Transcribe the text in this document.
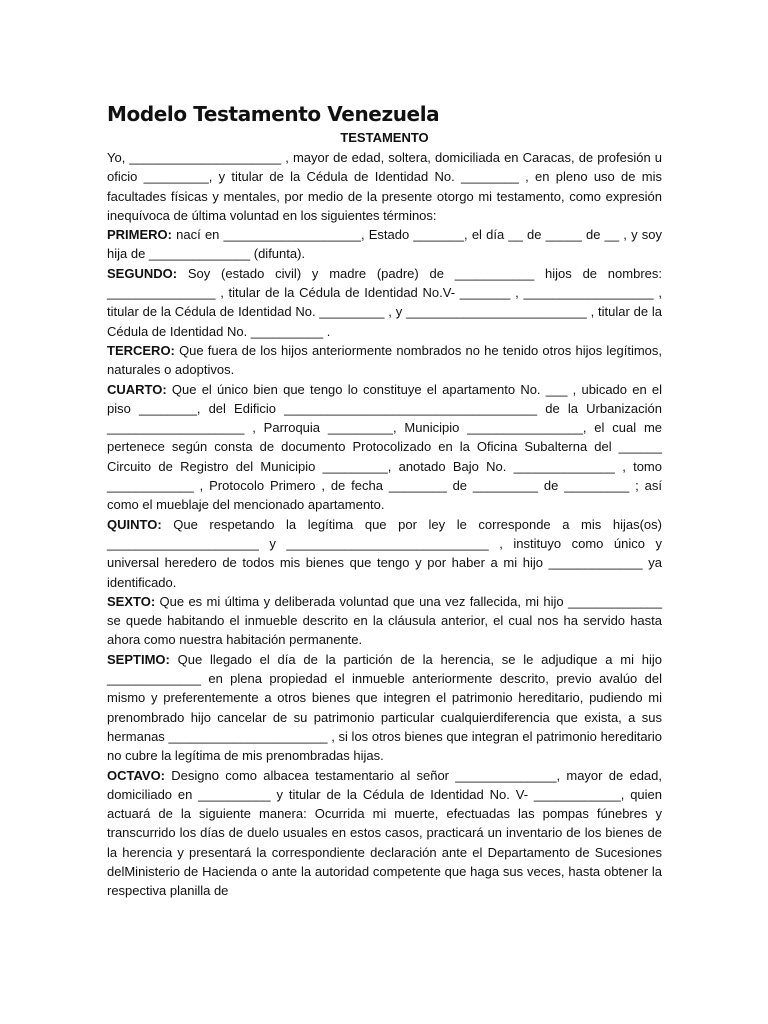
Modelo Testamento Venezuela
TESTAMENTO

Yo, _____________________ , mayor de edad, soltera, domiciliada en Caracas, de profesión u oficio _________, y titular de la Cédula de Identidad No. ________ , en pleno uso de mis facultades físicas y mentales, por medio de la presente otorgo mi testamento, como expresión inequívoca de última voluntad en los siguientes términos:

PRIMERO: nací en ___________________, Estado _______, el día __ de _____ de __ , y soy hija de ______________ (difunta).

SEGUNDO: Soy (estado civil) y madre (padre) de ___________ hijos de nombres: _______________ , titular de la Cédula de Identidad No.V- _______ , __________________ , titular de la Cédula de Identidad No. _________ , y _________________________ , titular de la Cédula de Identidad No. __________ .

TERCERO: Que fuera de los hijos anteriormente nombrados no he tenido otros hijos legítimos, naturales o adoptivos.

CUARTO: Que el único bien que tengo lo constituye el apartamento No. ___ , ubicado en el piso ________, del Edificio ___________________________________ de la Urbanización ___________________ , Parroquia _________, Municipio ________________, el cual me pertenece según consta de documento Protocolizado en la Oficina Subalterna del ______ Circuito de Registro del Municipio _________, anotado Bajo No. ______________ , tomo ____________ , Protocolo Primero , de fecha ________ de _________ de _________ ; así como el mueblaje del mencionado apartamento.

QUINTO: Que respetando la legítima que por ley le corresponde a mis hijas(os) _____________________ y ____________________________ , instituyo como único y universal heredero de todos mis bienes que tengo y por haber a mi hijo _____________ ya identificado.

SEXTO: Que es mi última y deliberada voluntad que una vez fallecida, mi hijo _____________ se quede habitando el inmueble descrito en la cláusula anterior, el cual nos ha servido hasta ahora como nuestra habitación permanente.

SEPTIMO: Que llegado el día de la partición de la herencia, se le adjudique a mi hijo _____________ en plena propiedad el inmueble anteriormente descrito, previo avalúo del mismo y preferentemente a otros bienes que integren el patrimonio hereditario, pudiendo mi prenombrado hijo cancelar de su patrimonio particular cualquierdiferencia que exista, a sus hermanas ______________________ , si los otros bienes que integran el patrimonio hereditario no cubre la legítima de mis prenombradas hijas.

OCTAVO: Designo como albacea testamentario al señor ______________, mayor de edad, domiciliado en __________ y titular de la Cédula de Identidad No. V- ____________, quien actuará de la siguiente manera: Ocurrida mi muerte, efectuadas las pompas fúnebres y transcurrido los días de duelo usuales en estos casos, practicará un inventario de los bienes de la herencia y presentará la correspondiente declaración ante el Departamento de Sucesiones delMinisterio de Hacienda o ante la autoridad competente que haga sus veces, hasta obtener la respectiva planilla de
